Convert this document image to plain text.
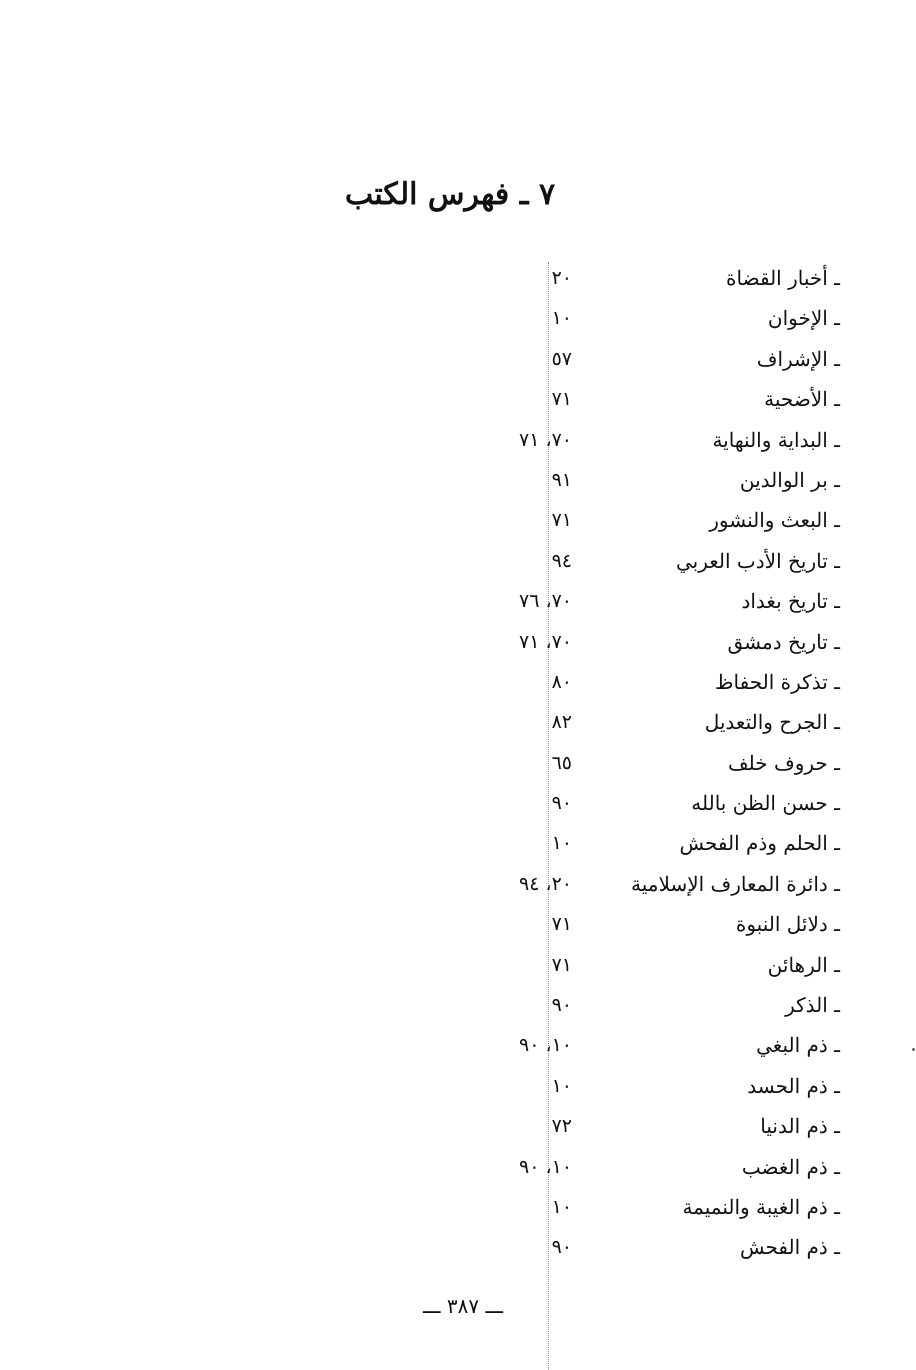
٧ ـ فهرس الكتب
ـ أخبار القضاة
٢٠
ـ الإخوان
١٠
ـ الإشراف
٥٧
ـ الأضحية
٧١
ـ البداية والنهاية
٧٠، ٧١
ـ بر الوالدين
٩١
ـ البعث والنشور
٧١
ـ تاريخ الأدب العربي
٩٤
ـ تاريخ بغداد
٧٠، ٧٦
ـ تاريخ دمشق
٧٠، ٧١
ـ تذكرة الحفاظ
٨٠
ـ الجرح والتعديل
٨٢
ـ حروف خلف
٦٥
ـ حسن الظن بالله
٩٠
ـ الحلم وذم الفحش
١٠
ـ دائرة المعارف الإسلامية
٢٠، ٩٤
ـ دلائل النبوة
٧١
ـ الرهائن
٧١
ـ الذكر
٩٠
ـ ذم البغي
١٠، ٩٠
ـ ذم الحسد
١٠
ـ ذم الدنيا
٧٢
ـ ذم الغضب
١٠، ٩٠
ـ ذم الغيبة والنميمة
١٠
ـ ذم الفحش
٩٠
ـــ ٣٨٧ ـــ
